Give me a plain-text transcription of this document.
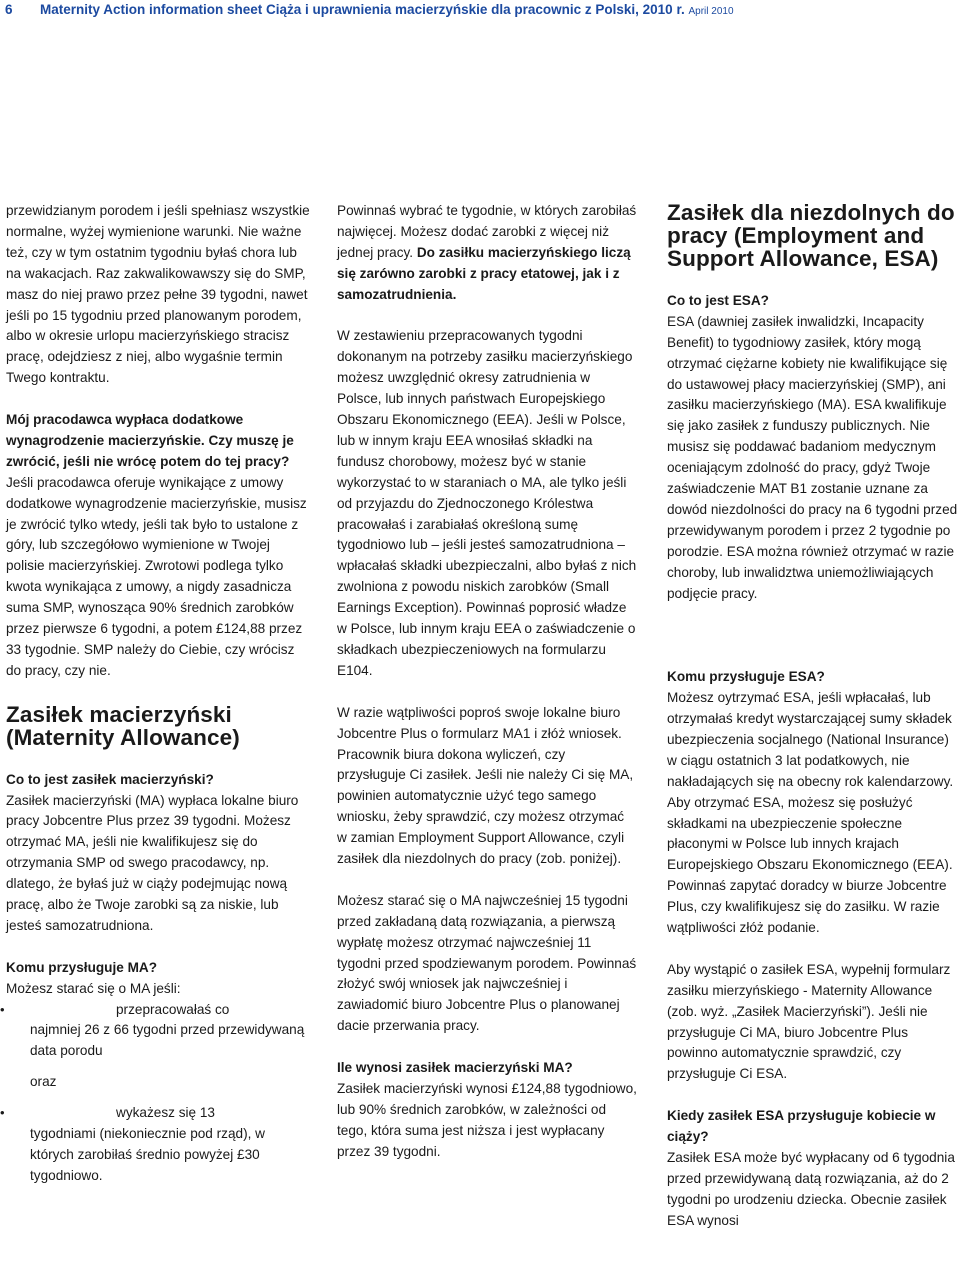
6 Maternity Action information sheet Ciąża i uprawnienia macierzyńskie dla pracownic z Polski, 2010 r. April 2010

przewidzianym porodem i jeśli spełniasz wszystkie normalne, wyżej wymienione warunki. Nie ważne też, czy w tym ostatnim tygodniu byłaś chora lub na wakacjach. Raz zakwalikowawszy się do SMP, masz do niej prawo przez pełne 39 tygodni, nawet jeśli po 15 tygodniu przed planowanym porodem, albo w okresie urlopu macierzyńskiego stracisz pracę, odejdziesz z niej, albo wygaśnie termin Twego kontraktu.

Mój pracodawca wypłaca dodatkowe wynagrodzenie macierzyńskie. Czy muszę je zwrócić, jeśli nie wrócę potem do tej pracy?

Jeśli pracodawca oferuje wynikające z umowy dodatkowe wynagrodzenie macierzyńskie, musisz je zwrócić tylko wtedy, jeśli tak było to ustalone z góry, lub szczegółowo wymienione w Twojej polisie macierzyńskiej. Zwrotowi podlega tylko kwota wynikająca z umowy, a nigdy zasadnicza suma SMP, wynosząca 90% średnich zarobków przez pierwsze 6 tygodni, a potem £124,88 przez 33 tygodnie. SMP należy do Ciebie, czy wrócisz do pracy, czy nie.

Zasiłek macierzyński (Maternity Allowance)

Co to jest zasiłek macierzyński?

Zasiłek macierzyński (MA) wypłaca lokalne biuro pracy Jobcentre Plus przez 39 tygodni. Możesz otrzymać MA, jeśli nie kwalifikujesz się do otrzymania SMP od swego pracodawcy, np. dlatego, że byłaś już w ciąży podejmując nową pracę, albo że Twoje zarobki są za niskie, lub jesteś samozatrudniona.

Komu przysługuje MA?

Możesz starać się o MA jeśli:

•	przepracowałaś co

najmniej 26 z 66 tygodni przed przewidywaną data porodu

oraz

•	wykażesz się 13

tygodniami (niekoniecznie pod rząd), w których zarobiłaś średnio powyżej £30 tygodniowo.

Powinnaś wybrać te tygodnie, w których zarobiłaś najwięcej. Możesz dodać zarobki z więcej niż jednej pracy. Do zasiłku macierzyńskiego liczą się zarówno zarobki z pracy etatowej, jak i z samozatrudnienia.

W zestawieniu przepracowanych tygodni dokonanym na potrzeby zasiłku macierzyńskiego możesz uwzględnić okresy zatrudnienia w Polsce, lub innych państwach Europejskiego Obszaru Ekonomicznego (EEA). Jeśli w Polsce, lub w innym kraju EEA wnosiłaś składki na fundusz chorobowy, możesz być w stanie wykorzystać to w staraniach o MA, ale tylko jeśli od przyjazdu do Zjednoczonego Królestwa pracowałaś i zarabiałaś określoną sumę tygodniowo lub – jeśli jesteś samozatrudniona – wpłacałaś składki ubezpieczalni, albo byłaś z nich zwolniona z powodu niskich zarobków (Small Earnings Exception). Powinnaś poprosić władze w Polsce, lub innym kraju EEA o zaświadczenie o składkach ubezpieczeniowych na formularzu E104.

W razie wątpliwości poproś swoje lokalne biuro Jobcentre Plus o formularz MA1 i złóż wniosek. Pracownik biura dokona wyliczeń, czy przysługuje Ci zasiłek. Jeśli nie należy Ci się MA, powinien automatycznie użyć tego samego wniosku, żeby sprawdzić, czy możesz otrzymać w zamian Employment Support Allowance, czyli zasiłek dla niezdolnych do pracy (zob. poniżej).

Możesz starać się o MA najwcześniej 15 tygodni przed zakładaną datą rozwiązania, a pierwszą wypłatę możesz otrzymać najwcześniej 11 tygodni przed spodziewanym porodem. Powinnaś złożyć swój wniosek jak najwcześniej i zawiadomić biuro Jobcentre Plus o planowanej dacie przerwania pracy.

Ile wynosi zasiłek macierzyński MA?

Zasiłek macierzyński wynosi £124,88 tygodniowo, lub 90% średnich zarobków, w zależności od tego, która suma jest niższa i jest wypłacany przez 39 tygodni.

Zasiłek dla niezdolnych do pracy (Employment and Support Allowance, ESA)

Co to jest ESA?

ESA (dawniej zasiłek inwalidzki, Incapacity Benefit) to tygodniowy zasiłek, który mogą otrzymać ciężarne kobiety nie kwalifikujące się do ustawowej płacy macierzyńskiej (SMP), ani zasiłku macierzyńskiego (MA). ESA kwalifikuje się jako zasiłek z funduszy publicznych. Nie musisz się poddawać badaniom medycznym oceniającym zdolność do pracy, gdyż Twoje zaświadczenie MAT B1 zostanie uznane za dowód niezdolności do pracy na 6 tygodni przed przewidywanym porodem i przez 2 tygodnie po porodzie. ESA można również otrzymać w razie choroby, lub inwalidztwa uniemożliwiających podjęcie pracy.

Komu przysługuje ESA?

Możesz oytrzymać ESA, jeśli wpłacałaś, lub otrzymałaś kredyt wystarczającej sumy składek ubezpieczenia socjalnego (National Insurance) w ciągu ostatnich 3 lat podatkowych, nie nakładających się na obecny rok kalendarzowy. Aby otrzymać ESA, możesz się posłużyć składkami na ubezpieczenie społeczne płaconymi w Polsce lub innych krajach Europejskiego Obszaru Ekonomicznego (EEA). Powinnaś zapytać doradcy w biurze Jobcentre Plus, czy kwalifikujesz się do zasiłku. W razie wątpliwości złóż podanie.

Aby wystąpić o zasiłek ESA, wypełnij formularz zasiłku mierzyńskiego - Maternity Allowance (zob. wyż. „Zasiłek Macierzyński”). Jeśli nie przysługuje Ci MA, biuro Jobcentre Plus powinno automatycznie sprawdzić, czy przysługuje Ci ESA.

Kiedy zasiłek ESA przysługuje kobiecie w ciąży?

Zasiłek ESA może być wypłacany od 6 tygodnia przed przewidywaną datą rozwiązania, aż do 2 tygodni po urodzeniu dziecka. Obecnie zasiłek ESA wynosi
